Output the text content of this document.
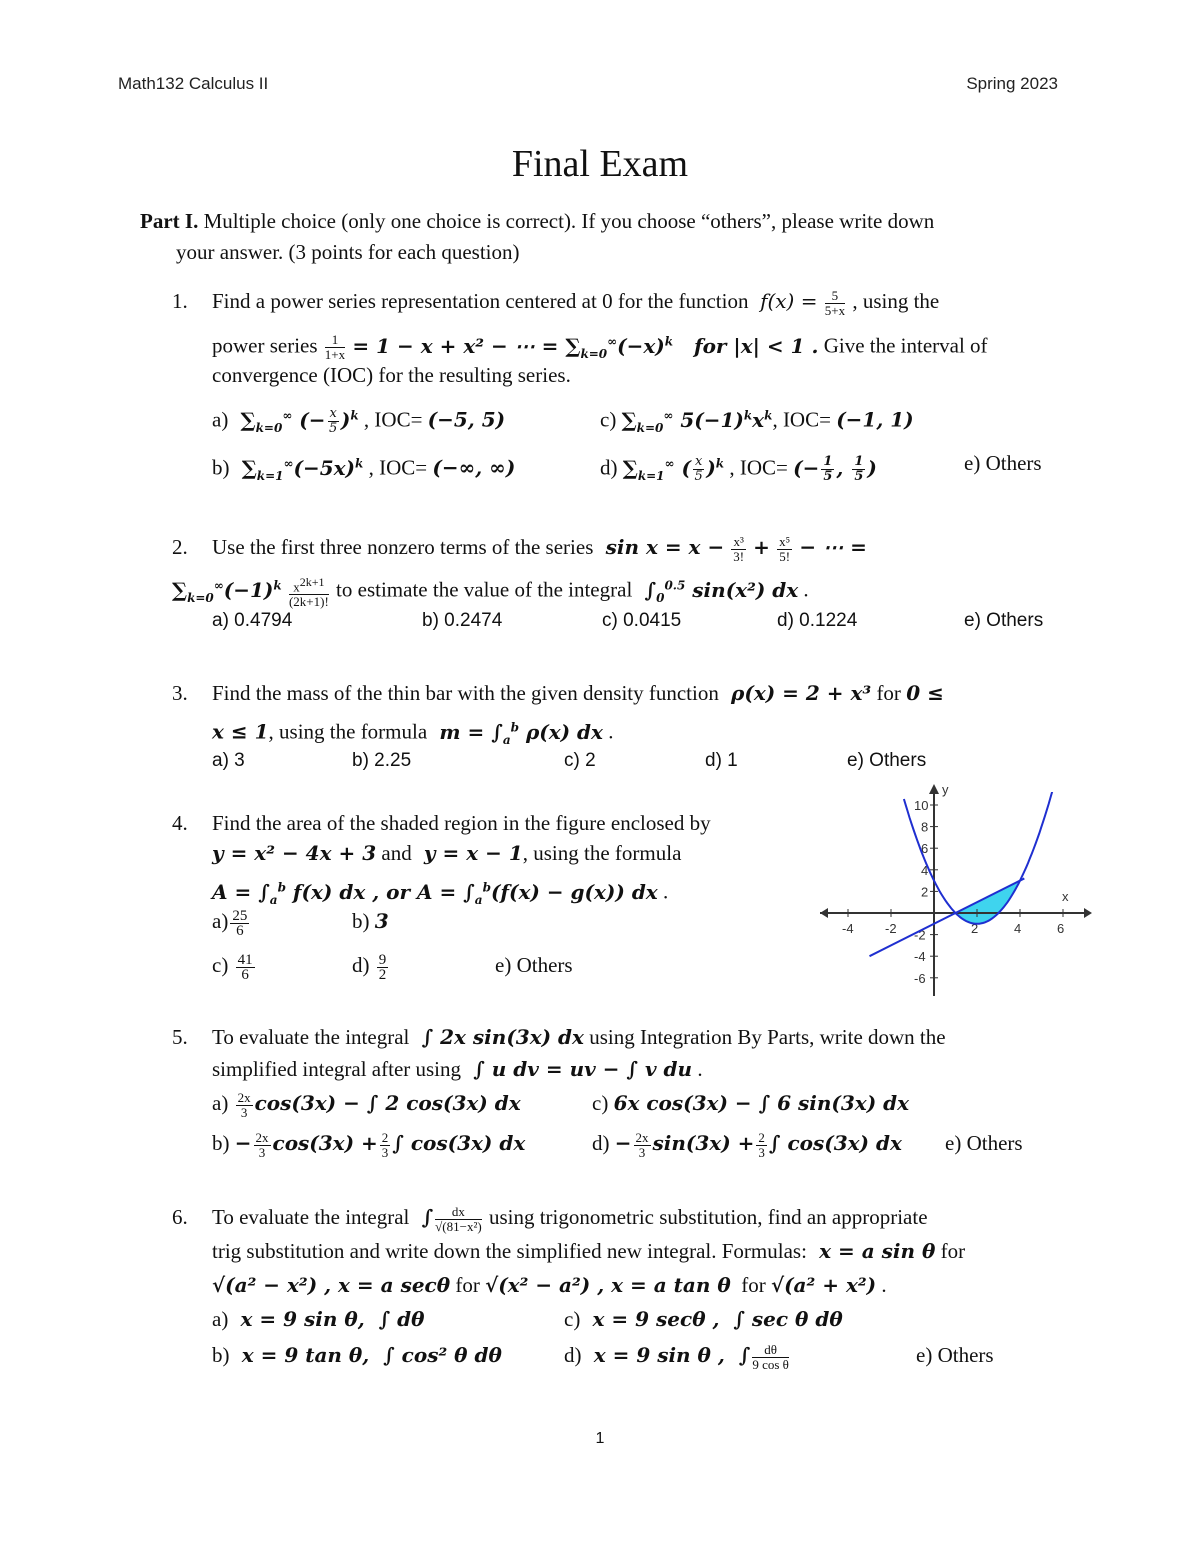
Math132 Calculus II	Spring 2023
Final Exam
Part I. Multiple choice (only one choice is correct). If you choose “others”, please write down
your answer. (3 points for each question)
1.	Find a power series representation centered at 0 for the function  $f(x) = \frac{5}{5+x}$ , using the
power series $\frac{1}{1+x} = 1 - x + x^2$ − ⋯ = $\sum_{k=0}^\infty(-x)^k$   for |x| < 1 . Give the interval of
convergence (IOC) for the resulting series.
a)  $\sum_{k=0}^\infty$ (− $\frac{x}{5} )^k$ , IOC= (−5, 5)	c) $\sum_{k=0}^\infty$ $5(-1)^kx^k$, IOC= (−1, 1)
b)  $\sum_{k=1}^\infty(-5x)^k$ , IOC= (−∞, ∞)	d) $\sum_{k=1}^\infty$ ( $\frac{x}{5} )^k$ , IOC= (− $\frac{1}{5}$ , $\frac{1}{5}$ )	e) Others
2.	Use the first three nonzero terms of the series  $\sin x = x - \frac{\text{x³}}{3!} + \frac{\text{x⁵}}{5!}$ − ⋯ =
$\sum_{k=0}^\infty(-1)^k \frac{x^{2k+1}}{(2k+1)!}$ to estimate the value of the integral  $\int_0^{0.5}$ sin(x²) dx .
a) 0.4794	b) 0.2474	c) 0.0415	d) 0.1224	e) Others
3.	Find the mass of the thin bar with the given density function  ρ(x) = 2 + x³ for 0 ≤
x ≤ 1, using the formula  $m = \int_a^b$ ρ(x) dx .
a) 3	b) 2.25	c) 2	d) 1	e) Others
4.	Find the area of the shaded region in the figure enclosed by
y = x² − 4x + 3 and  y = x − 1, using the formula
$A = \int_a^b$ f(x) dx , or $A = \int_a^b(f(x) - g(x))$ dx .
$a) \frac{25}{6}$	b) 3
$c) \frac{41}{6}$	$d) \frac{9}{2}$	e) Others
-4 -2	2	4	6
10
8
6
4
2
-2
-4
-6
x
y
5.	To evaluate the integral  ∫ 2x sin(3x) dx using Integration By Parts, write down the
simplified integral after using  ∫ u dv = uv − ∫ v du .
$a) \frac{2x}{3} \cos(3x)$ − ∫ 2 cos(3x) dx	c) 6x cos(3x) − ∫ 6 sin(3x) dx
$b) - \frac{2x}{3} \cos(3x) + \frac{2}{3}$ ∫ cos(3x) dx	$d) - \frac{2x}{3} \sin(3x) + \frac{2}{3}$ ∫ cos(3x) dx e) Others
6.	To evaluate the integral  ∫ $\frac{dx}{\text{√(81−x²)}}$ using trigonometric substitution, find an appropriate
trig substitution and write down the simplified new integral. Formulas:  x = a sin θ for
√(a² − x²) , x = a secθ for √(x² − a²) , x = a tan θ  for √(a² + x²) .
a)  x = 9 sin θ,  ∫ dθ	c)  x = 9 secθ ,  ∫ sec θ dθ
b)  x = 9 tan θ,  ∫ cos² θ dθ	d)  x = 9 sin θ ,  ∫ $\frac{d\theta}{\text{9 cos θ}}$	e) Others
1
